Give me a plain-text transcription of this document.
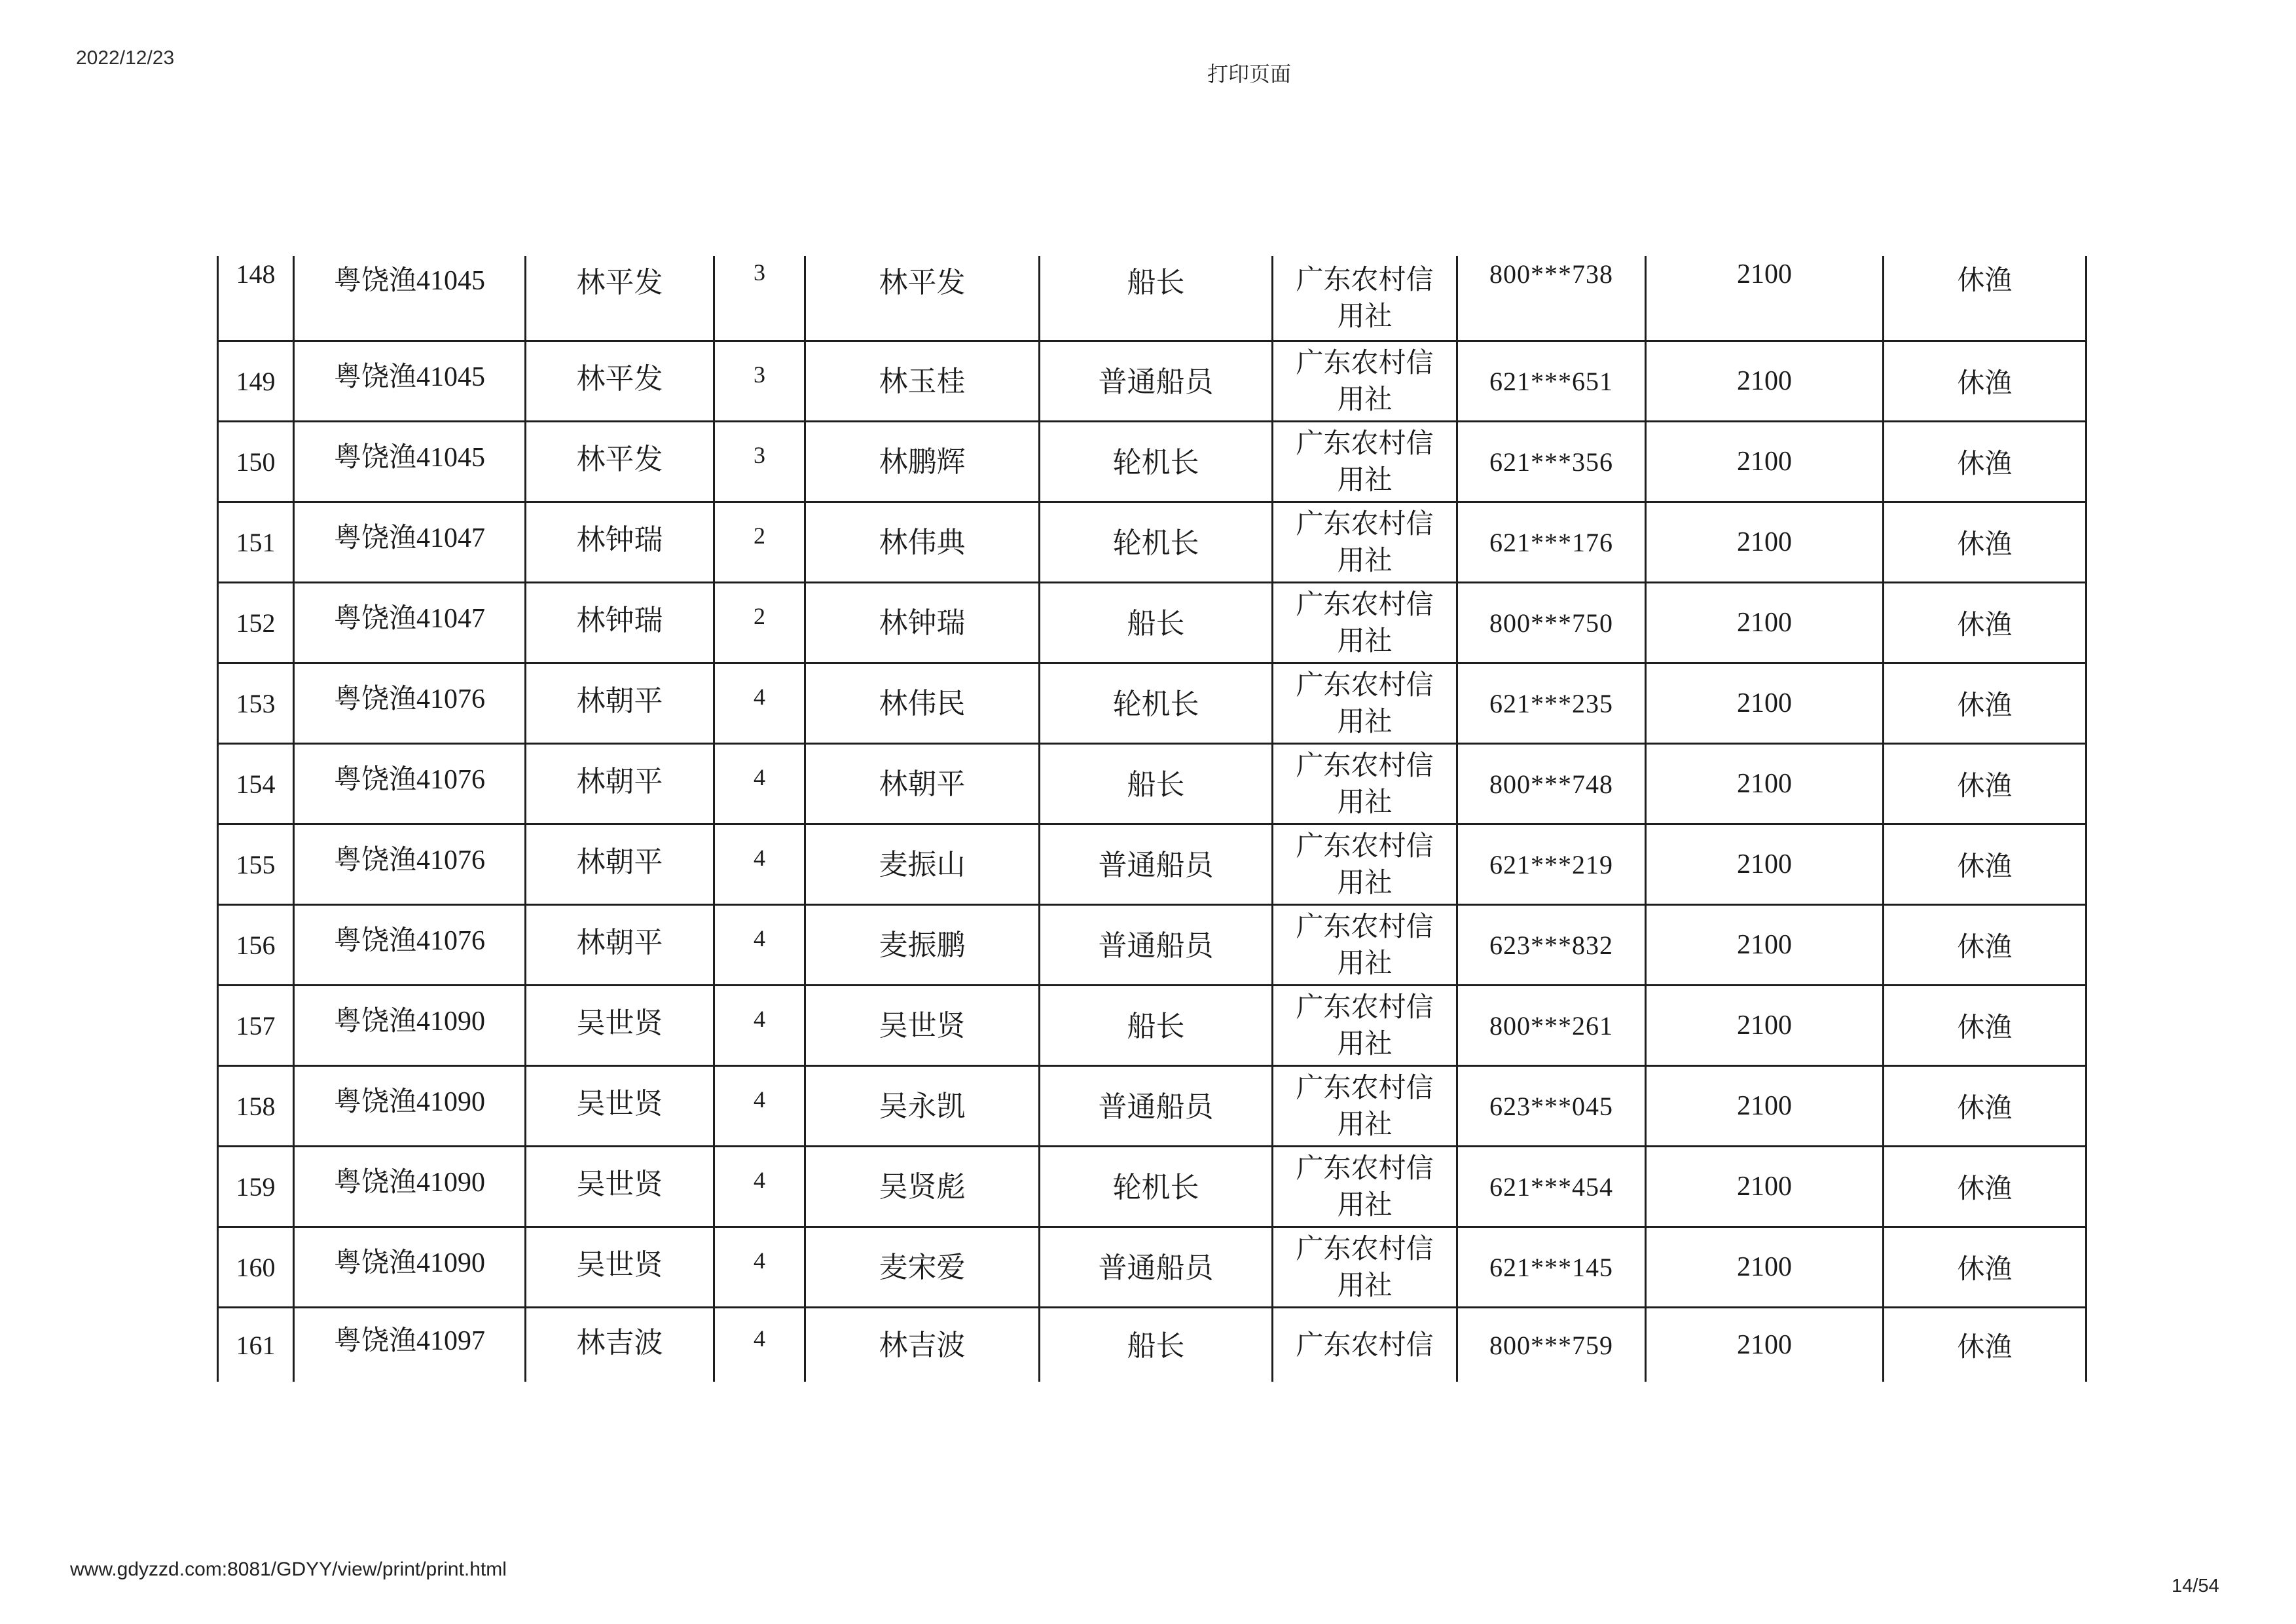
2022/12/23
打印页面
148	粤饶渔41045	林平发	3	林平发	船长	广东农村信用社	800***738	2100	休渔
149	粤饶渔41045	林平发	3	林玉桂	普通船员	广东农村信用社	621***651	2100	休渔
150	粤饶渔41045	林平发	3	林鹏辉	轮机长	广东农村信用社	621***356	2100	休渔
151	粤饶渔41047	林钟瑞	2	林伟典	轮机长	广东农村信用社	621***176	2100	休渔
152	粤饶渔41047	林钟瑞	2	林钟瑞	船长	广东农村信用社	800***750	2100	休渔
153	粤饶渔41076	林朝平	4	林伟民	轮机长	广东农村信用社	621***235	2100	休渔
154	粤饶渔41076	林朝平	4	林朝平	船长	广东农村信用社	800***748	2100	休渔
155	粤饶渔41076	林朝平	4	麦振山	普通船员	广东农村信用社	621***219	2100	休渔
156	粤饶渔41076	林朝平	4	麦振鹏	普通船员	广东农村信用社	623***832	2100	休渔
157	粤饶渔41090	吴世贤	4	吴世贤	船长	广东农村信用社	800***261	2100	休渔
158	粤饶渔41090	吴世贤	4	吴永凯	普通船员	广东农村信用社	623***045	2100	休渔
159	粤饶渔41090	吴世贤	4	吴贤彪	轮机长	广东农村信用社	621***454	2100	休渔
160	粤饶渔41090	吴世贤	4	麦宋爱	普通船员	广东农村信用社	621***145	2100	休渔
161	粤饶渔41097	林吉波	4	林吉波	船长	广东农村信	800***759	2100	休渔
www.gdyzzd.com:8081/GDYY/view/print/print.html
14/54
